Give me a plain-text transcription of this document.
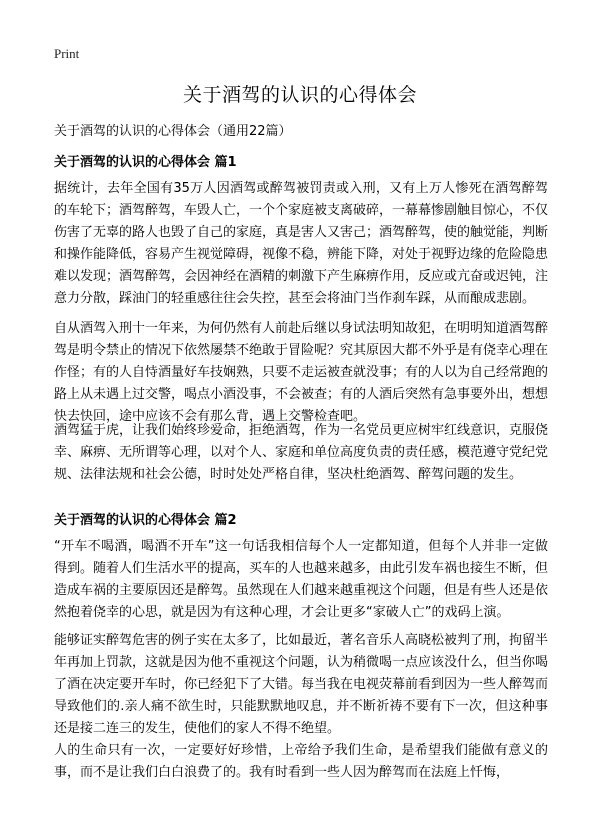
Print
关于酒驾的认识的心得体会

关于酒驾的认识的心得体会（通用22篇）

关于酒驾的认识的心得体会 篇1

据统计，去年全国有35万人因酒驾或醉驾被罚责或入刑，又有上万人惨死在酒驾醉驾的车轮下；酒驾醉驾，车毁人亡，一个个家庭被支离破碎，一幕幕惨剧触目惊心，不仅伤害了无辜的路人也毁了自己的家庭，真是害人又害己；酒驾醉驾，使的触觉能，判断和操作能降低，容易产生视觉障碍，视像不稳，辨能下降，对处于视野边缘的危险隐患难以发现；酒驾醉驾，会因神经在酒精的刺激下产生麻痹作用，反应或亢奋或迟钝，注意力分散，踩油门的轻重感往往会失控，甚至会将油门当作刹车踩，从而酿成悲剧。

自从酒驾入刑十一年来，为何仍然有人前赴后继以身试法明知故犯，在明明知道酒驾醉驾是明令禁止的情况下依然屡禁不绝敢于冒险呢？究其原因大都不外乎是有侥幸心理在作怪；有的人自恃酒量好车技娴熟，只要不走运被查就没事；有的人以为自己经常跑的路上从未遇上过交警，喝点小酒没事，不会被查；有的人酒后突然有急事要外出，想想快去快回，途中应该不会有那么背，遇上交警检查吧。

酒驾猛于虎，让我们始终珍爱命，拒绝酒驾，作为一名党员更应树牢红线意识，克服侥幸、麻痹、无所谓等心理，以对个人、家庭和单位高度负责的责任感，模范遵守党纪党规、法律法规和社会公德，时时处处严格自律，坚决杜绝酒驾、醉驾问题的发生。

关于酒驾的认识的心得体会 篇2

“开车不喝酒，喝酒不开车”这一句话我相信每个人一定都知道，但每个人并非一定做得到。随着人们生活水平的提高，买车的人也越来越多，由此引发车祸也接生不断，但造成车祸的主要原因还是醉驾。虽然现在人们越来越重视这个问题，但是有些人还是依然抱着侥幸的心思，就是因为有这种心理，才会让更多“家破人亡”的戏码上演。

能够证实醉驾危害的例子实在太多了，比如最近，著名音乐人高晓松被判了刑，拘留半年再加上罚款，这就是因为他不重视这个问题，认为稍微喝一点应该没什么，但当你喝了酒在决定要开车时，你已经犯下了大错。每当我在电视荧幕前看到因为一些人醉驾而导致他们的.亲人痛不欲生时，只能默默地叹息，并不断祈祷不要有下一次，但这种事还是接二连三的发生，使他们的家人不得不绝望。

人的生命只有一次，一定要好好珍惜，上帝给予我们生命，是希望我们能做有意义的事，而不是让我们白白浪费了的。我有时看到一些人因为醉驾而在法庭上忏悔，
